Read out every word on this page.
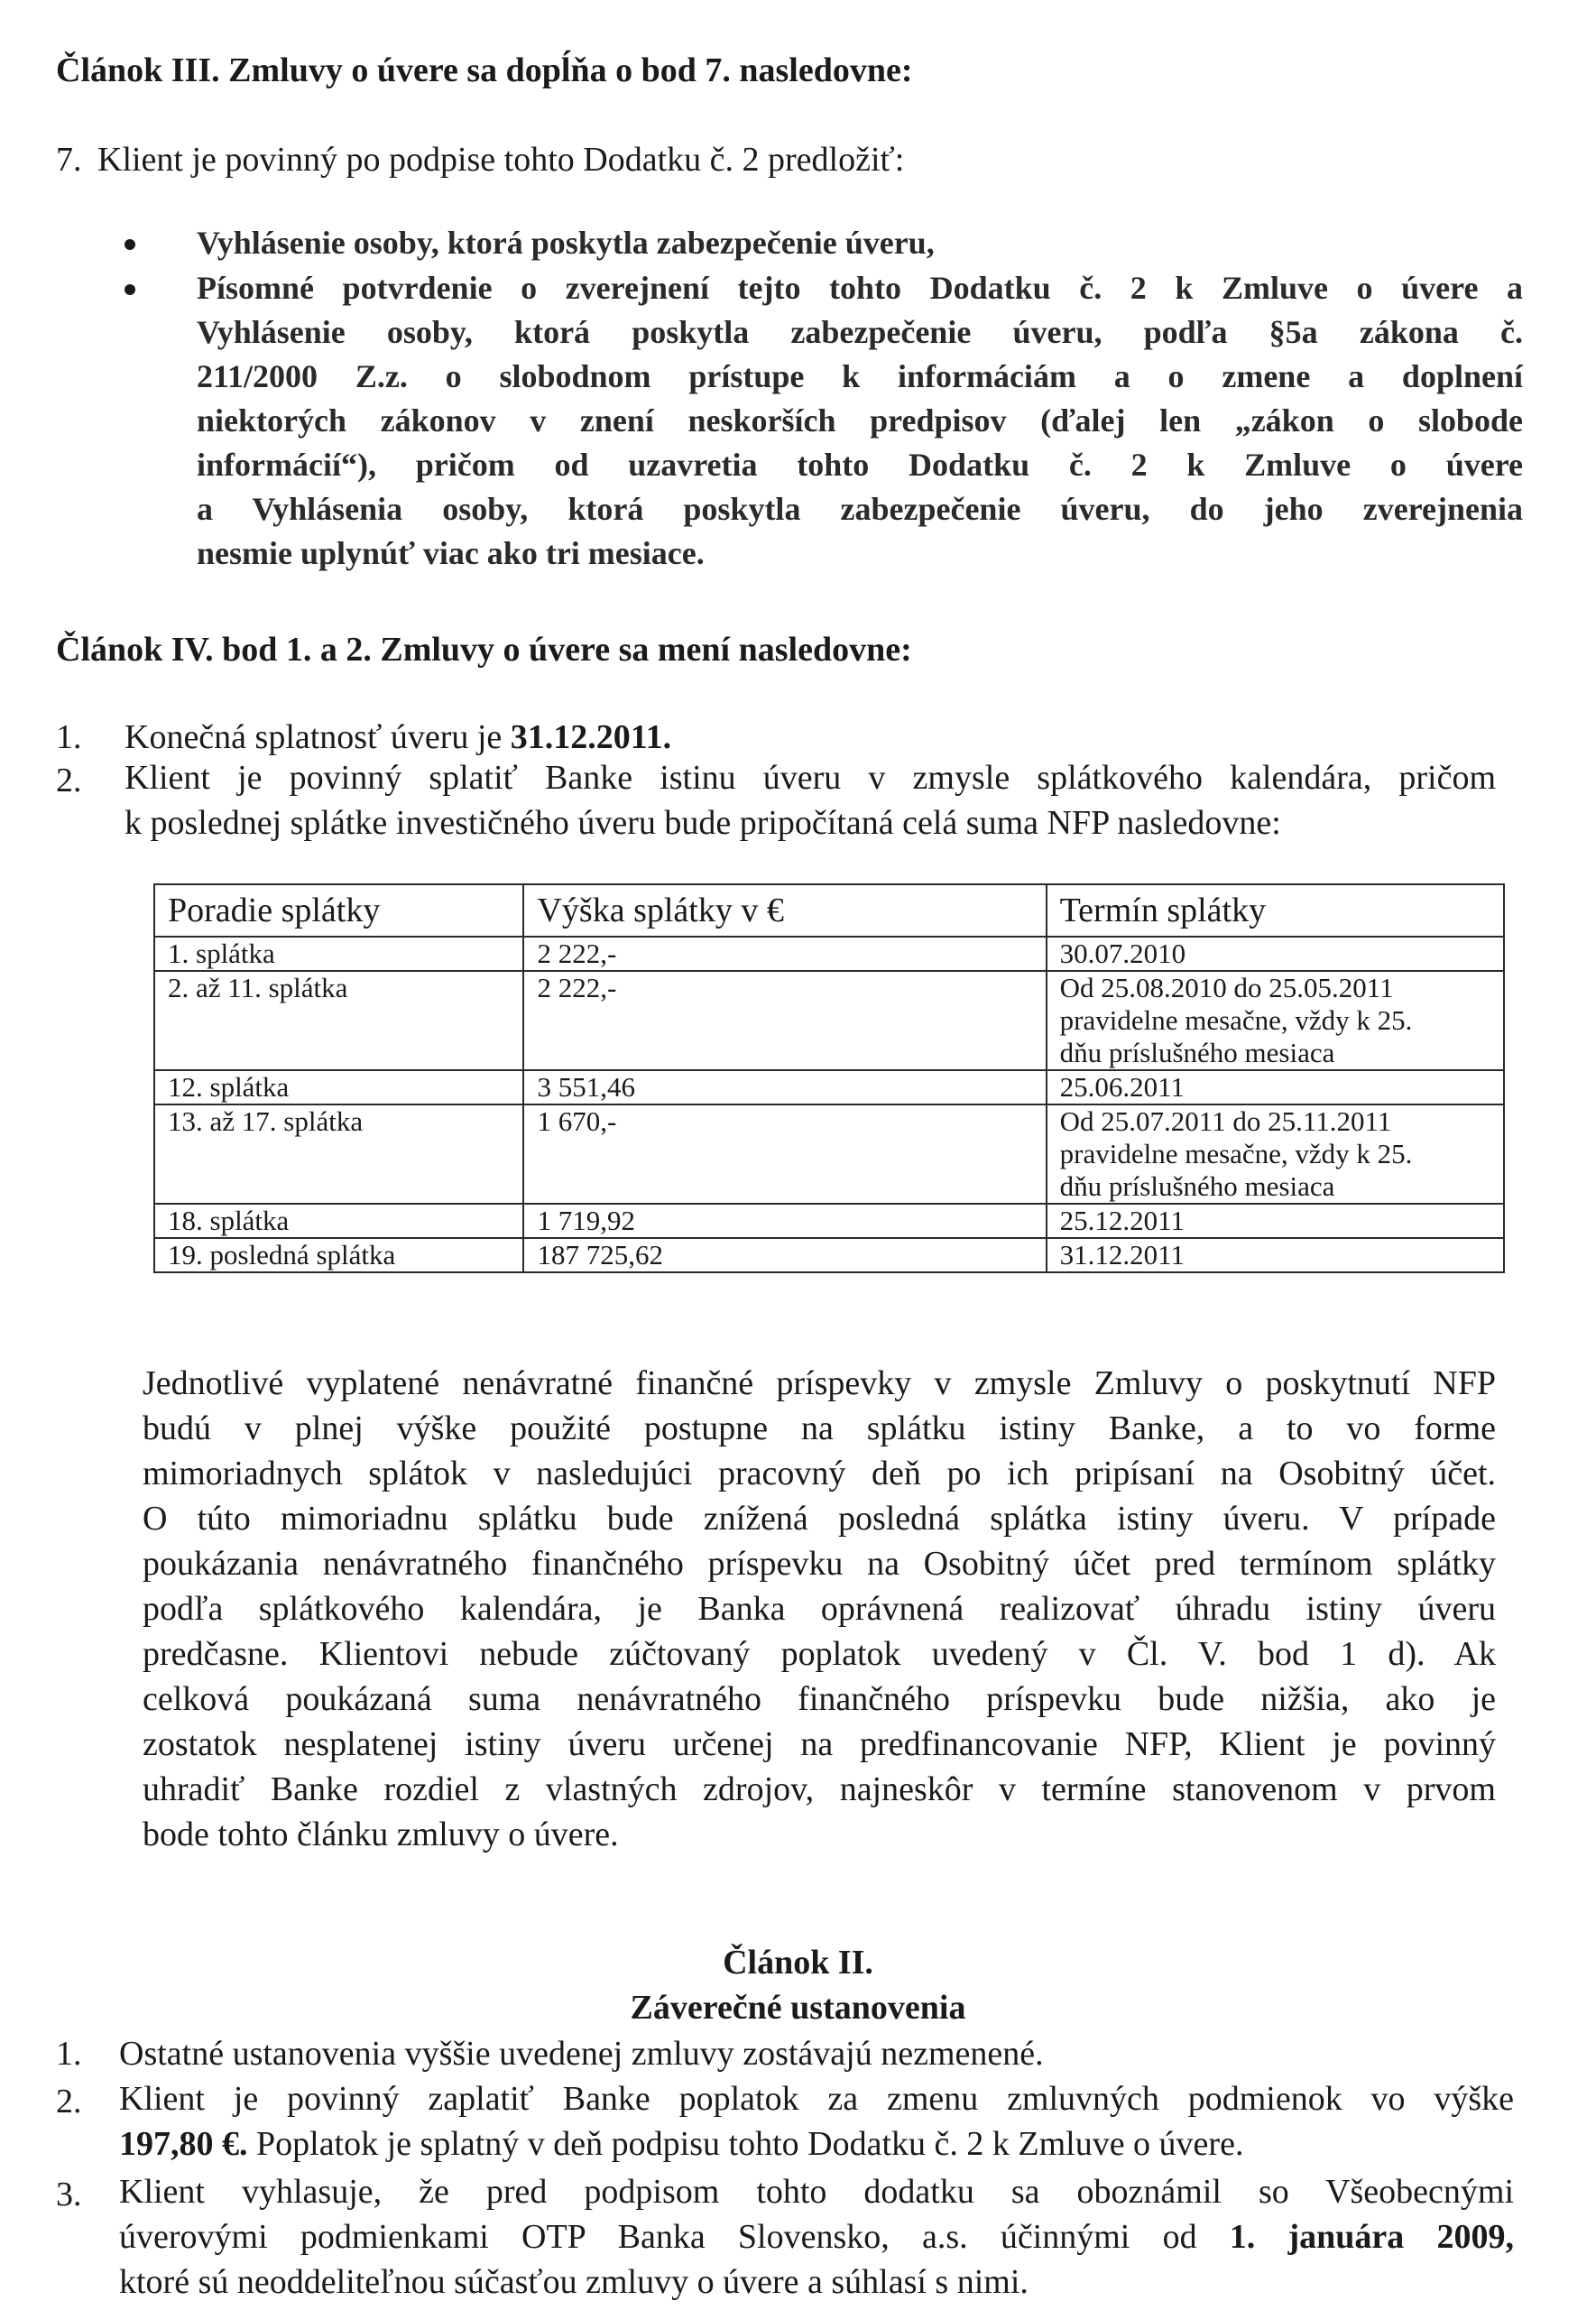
Článok III. Zmluvy o úvere sa dopĺňa o bod 7. nasledovne:
7. Klient je povinný po podpise tohto Dodatku č. 2 predložiť:
Vyhlásenie osoby, ktorá poskytla zabezpečenie úveru,
Písomné potvrdenie o zverejnení tejto tohto Dodatku č. 2 k Zmluve o úvere a
Vyhlásenie osoby, ktorá poskytla zabezpečenie úveru, podľa §5a zákona č.
211/2000 Z.z. o slobodnom prístupe k informáciám a o zmene a doplnení
niektorých zákonov v znení neskorších predpisov (ďalej len „zákon o slobode
informácií“), pričom od uzavretia tohto Dodatku č. 2 k Zmluve o úvere
a Vyhlásenia osoby, ktorá poskytla zabezpečenie úveru, do jeho zverejnenia
nesmie uplynúť viac ako tri mesiace.
Článok IV. bod 1. a 2. Zmluvy o úvere sa mení nasledovne:
1. Konečná splatnosť úveru je 31.12.2011.
2. Klient je povinný splatiť Banke istinu úveru v zmysle splátkového kalendára, pričom
k poslednej splátke investičného úveru bude pripočítaná celá suma NFP nasledovne:
Poradie splátky	Výška splátky v €	Termín splátky
1. splátka	2 222,-	30.07.2010

2. až 11. splátka	2 222,-	Od 25.08.2010 do 25.05.2011
pravidelne mesačne, vždy k 25.
dňu príslušného mesiaca

12. splátka	3 551,46	25.06.2011

13. až 17. splátka	1 670,-	Od 25.07.2011 do 25.11.2011
pravidelne mesačne, vždy k 25.
dňu príslušného mesiaca

18. splátka	1 719,92	25.12.2011

19. posledná splátka	187 725,62	31.12.2011
Jednotlivé vyplatené nenávratné finančné príspevky v zmysle Zmluvy o poskytnutí NFP
budú v plnej výške použité postupne na splátku istiny Banke, a to vo forme
mimoriadnych splátok v nasledujúci pracovný deň po ich pripísaní na Osobitný účet.
O túto mimoriadnu splátku bude znížená posledná splátka istiny úveru. V prípade
poukázania nenávratného finančného príspevku na Osobitný účet pred termínom splátky
podľa splátkového kalendára, je Banka oprávnená realizovať úhradu istiny úveru
predčasne. Klientovi nebude zúčtovaný poplatok uvedený v Čl. V. bod 1 d). Ak
celková poukázaná suma nenávratného finančného príspevku bude nižšia, ako je
zostatok nesplatenej istiny úveru určenej na predfinancovanie NFP, Klient je povinný
uhradiť Banke rozdiel z vlastných zdrojov, najneskôr v termíne stanovenom v prvom
bode tohto článku zmluvy o úvere.
Článok II.
Záverečné ustanovenia
1. Ostatné ustanovenia vyššie uvedenej zmluvy zostávajú nezmenené.
2. Klient je povinný zaplatiť Banke poplatok za zmenu zmluvných podmienok vo výške
197,80 €. Poplatok je splatný v deň podpisu tohto Dodatku č. 2 k Zmluve o úvere.
3. Klient vyhlasuje, že pred podpisom tohto dodatku sa oboznámil so Všeobecnými
úverovými podmienkami OTP Banka Slovensko, a.s. účinnými od 1. januára 2009,
ktoré sú neoddeliteľnou súčasťou zmluvy o úvere a súhlasí s nimi.
